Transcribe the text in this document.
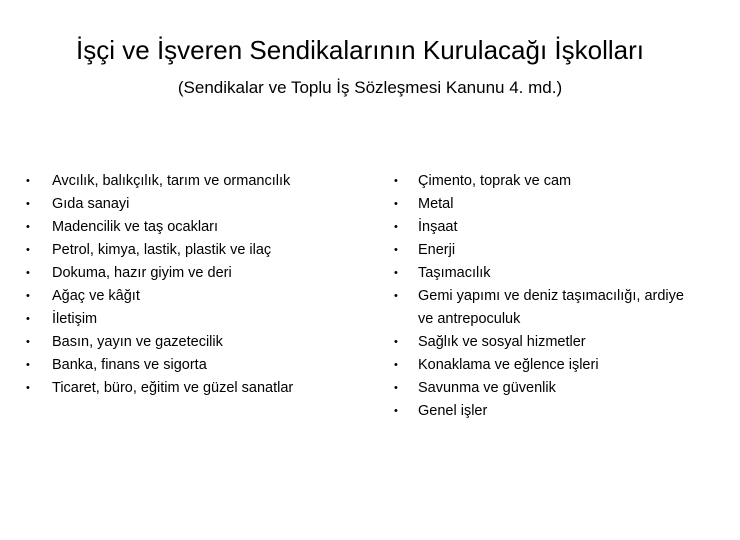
İşçi ve İşveren Sendikalarının Kurulacağı İşkolları
(Sendikalar ve Toplu İş Sözleşmesi Kanunu 4. md.)
• Avcılık, balıkçılık, tarım ve ormancılık
• Gıda sanayi
• Madencilik ve taş ocakları
• Petrol, kimya, lastik, plastik ve ilaç
• Dokuma, hazır giyim ve deri
• Ağaç ve kâğıt
• İletişim
• Basın, yayın ve gazetecilik
• Banka, finans ve sigorta
• Ticaret, büro, eğitim ve güzel sanatlar
• Çimento, toprak ve cam
• Metal
• İnşaat
• Enerji
• Taşımacılık
• Gemi yapımı ve deniz taşımacılığı, ardiye
ve antrepoculuk
• Sağlık ve sosyal hizmetler
• Konaklama ve eğlence işleri
• Savunma ve güvenlik
• Genel işler
